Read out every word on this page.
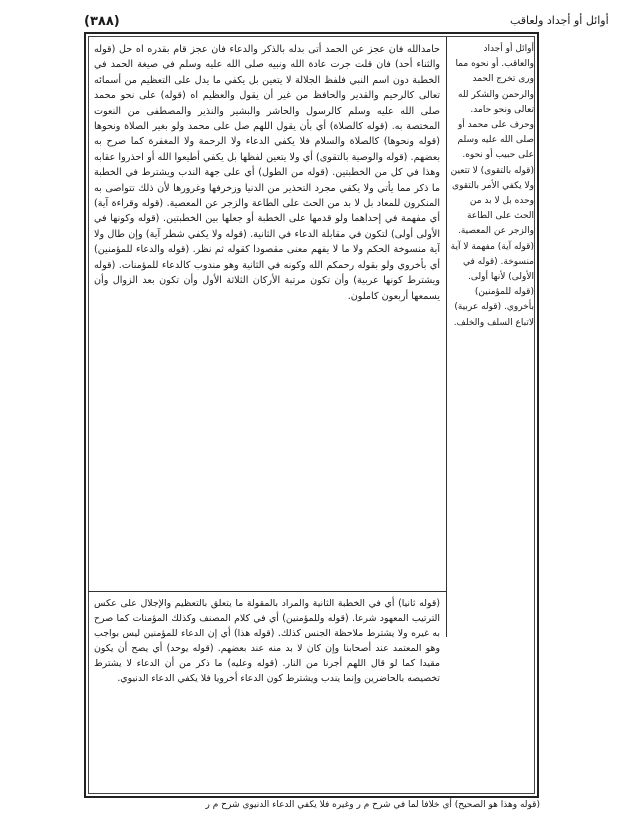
(٣٨٨)	أوائل أو أجداد ولعاقب

حامدالله فان عجز عن الحمد أتى بدله بالذكر والدعاء فان عجز قام بقدره اه حل (قوله والثناء أحد) فان قلت جرت عادة الله ونبيه صلى الله عليه وسلم في صيغة الحمد في الخطبة دون اسم النبي فلفظ الجلالة لا يتعين بل يكفي ما يدل على التعظيم من أسمائه تعالى كالرحيم والقدير والحافظ من غير أن يقول والعظيم اه (قوله) على نحو محمد صلى الله عليه وسلم كالرسول والحاشر والبشير والنذير والمصطفى من النعوت المختصة به. (قوله كالصلاة) أي بأن يقول اللهم صل على محمد ولو بغير الصلاة ونحوها (قوله ونحوها) كالصلاة والسلام فلا يكفي الدعاء ولا الرحمة ولا المغفرة كما صرح به بعضهم. (قوله والوصية بالتقوى) أي ولا يتعين لفظها بل يكفي أطيعوا الله أو احذروا عقابه وهذا في كل من الخطبتين. (قوله من الطول) أي على جهة الندب ويشترط في الخطبة ما ذكر مما يأتي ولا يكفي مجرد التحذير من الدنيا وزخرفها وغرورها لأن ذلك تتواصى به المنكرون للمعاد بل لا بد من الحث على الطاعة والزجر عن المعصية. (قوله وقراءة آية) أي مفهمة في إحداهما ولو قدمها على الخطبة أو جعلها بين الخطبتين. (قوله وكونها في الأولى أولى) لتكون في مقابلة الدعاء في الثانية. (قوله ولا يكفي شطر آية) وإن طال ولا آية منسوخة الحكم ولا ما لا يفهم معنى مقصودا كقوله ثم نظر. (قوله والدعاء للمؤمنين) أي بأخروي ولو بقوله رحمكم الله وكونه في الثانية وهو مندوب كالدعاء للمؤمنات. (قوله ويشترط كونها عربية) وأن تكون مرتبة الأركان الثلاثة الأول وأن تكون بعد الزوال وأن يسمعها أربعون كاملون.

أوائل أو أجداد والعاقب. أو نحوه مما ورى تخرج الحمد والرحمن والشكر لله تعالى ونحو حامد. وحرف على محمد أو صلى الله عليه وسلم على حبيب أو نحوه. (قوله بالتقوى) لا تتعين ولا يكفي الأمر بالتقوى وحده بل لا بد من الحث على الطاعة والزجر عن المعصية. (قوله آية) مفهمة لا آية منسوخة. (قوله في الأولى) لأنها أولى. (قوله للمؤمنين) بأخروي. (قوله عربية) لاتباع السلف والخلف.

(قوله ثانيا) أي في الخطبة الثانية والمراد بالمقولة ما يتعلق بالتعظيم والإجلال على عكس الترتيب المعهود شرعا. (قوله وللمؤمنين) أي في كلام المصنف وكذلك المؤمنات كما صرح به غيره ولا يشترط ملاحظة الجنس كذلك. (قوله هذا) أي إن الدعاء للمؤمنين ليس بواجب وهو المعتمد عند أصحابنا وإن كان لا بد منه عند بعضهم. (قوله يوحد) أي يصح أن يكون مقيدا كما لو قال اللهم أجرنا من النار. (قوله وعليه) ما ذكر من أن الدعاء لا يشترط تخصيصه بالحاضرين وإنما يندب ويشترط كون الدعاء أخرويا فلا يكفي الدعاء الدنيوي.

(قوله وهذا هو الصحيح) أي خلافا لما في شرح م ر وغيره فلا يكفي الدعاء الدنيوي شرح م ر
